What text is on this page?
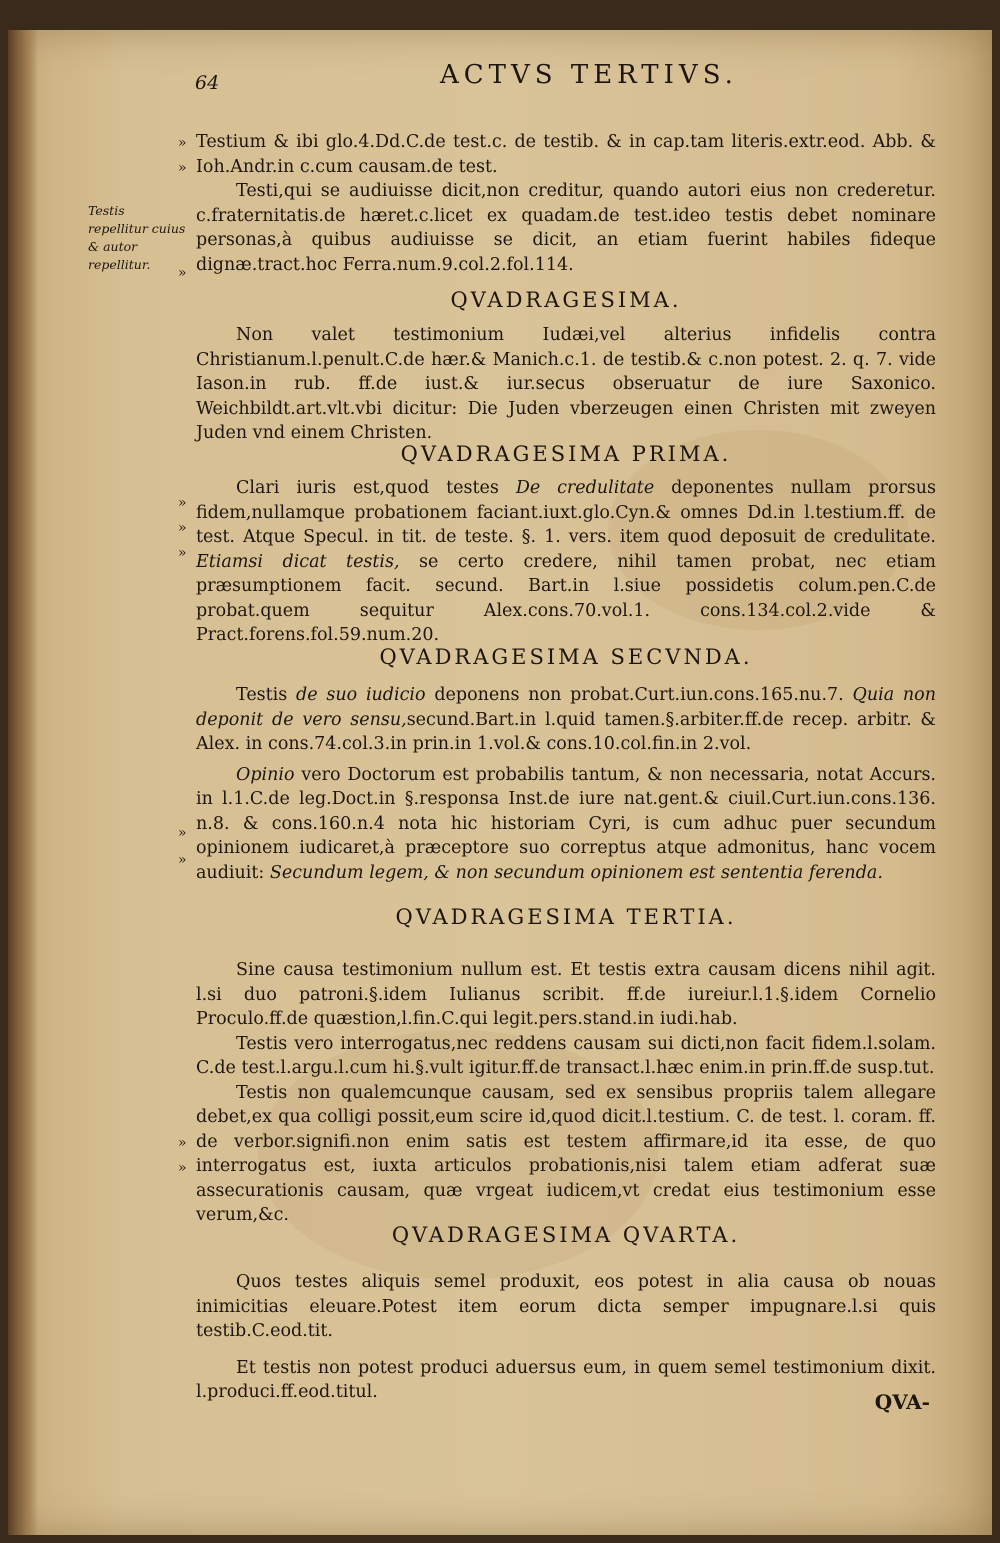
64	ACTVS TERTIVS.

Testium & ibi glo.4.Dd.C.de test.c. de testib. & in cap.tam literis.extr.eod. Abb. & Ioh.Andr.in c.cum causam.de test.

Testi,qui se audiuisse dicit,non creditur, quando autori eius non crederetur. c.fraternitatis.de hæret.c.licet ex quadam.de test.ideo testis debet nominare personas,à quibus audiuisse se dicit, an etiam fuerint habiles fideque dignæ.tract.hoc Ferra.num.9.col.2.fol.114.

Testis repellitur cuius & autor repellitur.
QVADRAGESIMA.

Non valet testimonium Iudæi,vel alterius infidelis contra Christianum.l.penult.C.de hær.& Manich.c.1. de testib.& c.non potest. 2. q. 7. vide Iason.in rub. ff.de iust.& iur.secus obseruatur de iure Saxonico. Weichbildt.art.vlt.vbi dicitur: Die Juden vberzeugen einen Christen mit zweyen Juden vnd einem Christen.

QVADRAGESIMA PRIMA.

Clari iuris est,quod testes De credulitate deponentes nullam prorsus fidem,nullamque probationem faciant.iuxt.glo.Cyn.& omnes Dd.in l.testium.ff. de test. Atque Specul. in tit. de teste. §. 1. vers. item quod deposuit de credulitate. Etiamsi dicat testis, se certo credere, nihil tamen probat, nec etiam præsumptionem facit. secund. Bart.in l.siue possidetis colum.pen.C.de probat.quem sequitur Alex.cons.70.vol.1. cons.134.col.2.vide & Pract.forens.fol.59.num.20.

QVADRAGESIMA SECVNDA.

Testis de suo iudicio deponens non probat.Curt.iun.cons.165.nu.7. Quia non deponit de vero sensu,secund.Bart.in l.quid tamen.§.arbiter.ff.de recep. arbitr. & Alex. in cons.74.col.3.in prin.in 1.vol.& cons.10.col.fin.in 2.vol.

Opinio vero Doctorum est probabilis tantum, & non necessaria, notat Accurs. in l.1.C.de leg.Doct.in §.responsa Inst.de iure nat.gent.& ciuil.Curt.iun.cons.136. n.8. & cons.160.n.4 nota hic historiam Cyri, is cum adhuc puer secundum opinionem iudicaret,à præceptore suo correptus atque admonitus, hanc vocem audiuit: Secundum legem, & non secundum opinionem est sententia ferenda.

QVADRAGESIMA TERTIA.

Sine causa testimonium nullum est. Et testis extra causam dicens nihil agit. l.si duo patroni.§.idem Iulianus scribit. ff.de iureiur.l.1.§.idem Cornelio Proculo.ff.de quæstion,l.fin.C.qui legit.pers.stand.in iudi.hab.

Testis vero interrogatus,nec reddens causam sui dicti,non facit fidem.l.solam. C.de test.l.argu.l.cum hi.§.vult igitur.ff.de transact.l.hæc enim.in prin.ff.de susp.tut.

Testis non qualemcunque causam, sed ex sensibus propriis talem allegare debet,ex qua colligi possit,eum scire id,quod dicit.l.testium. C. de test. l. coram. ff. de verbor.signifi.non enim satis est testem affirmare,id ita esse, de quo interrogatus est, iuxta articulos probationis,nisi talem etiam adferat suæ assecurationis causam, quæ vrgeat iudicem,vt credat eius testimonium esse verum,&c.

QVADRAGESIMA QVARTA.

Quos testes aliquis semel produxit, eos potest in alia causa ob nouas inimicitias eleuare.Potest item eorum dicta semper impugnare.l.si quis testib.C.eod.tit.

Et testis non potest produci aduersus eum, in quem semel testimonium dixit. l.produci.ff.eod.titul.

»
»
»
»
»
»
»
»
»
»
QVA-
